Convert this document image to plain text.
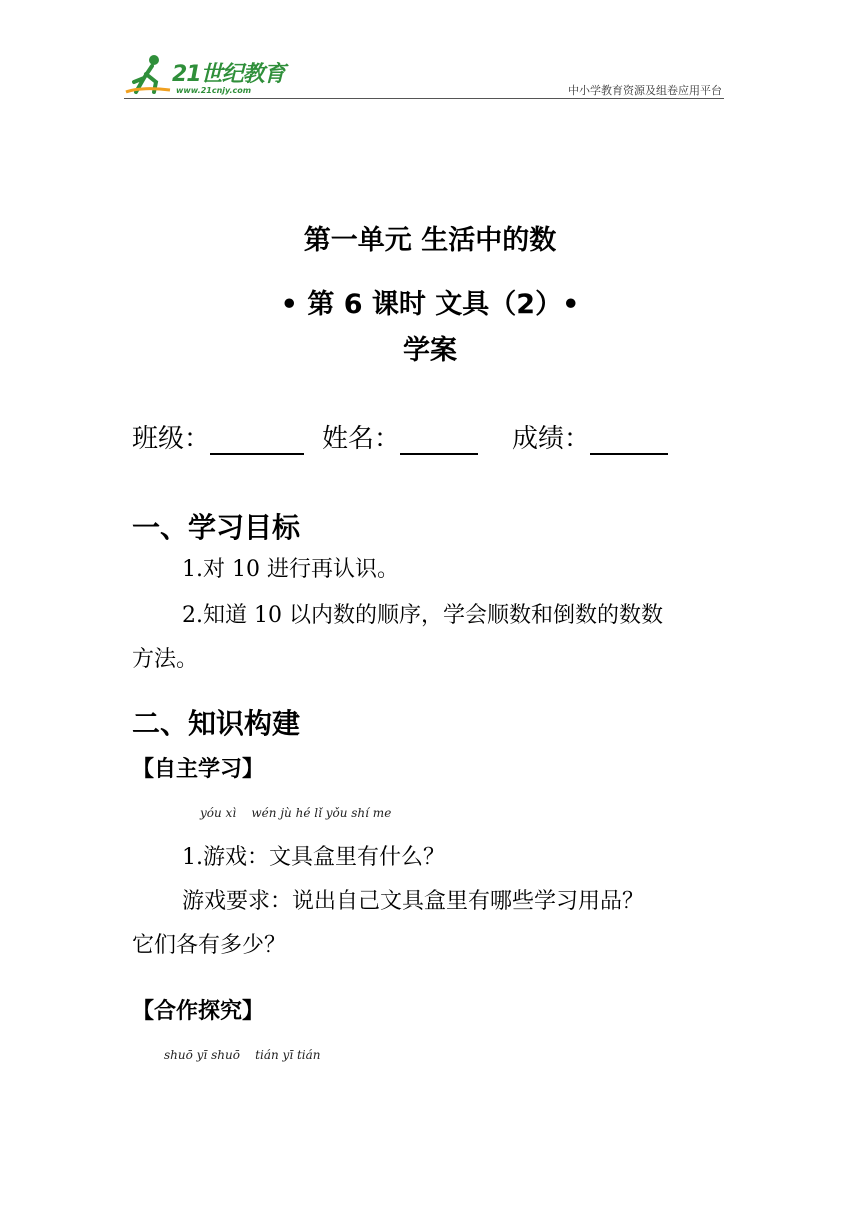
21世纪教育
www.21cnjy.com	中小学教育资源及组卷应用平台
第一单元 生活中的数
• 第 6 课时 文具（2）•
学案
班级：	姓名：	成绩：
一、学习目标
1.对 10 进行再认识。
2.知道 10 以内数的顺序，学会顺数和倒数的数数
方法。
二、知识构建
【自主学习】
yóu xì    wén jù hé lǐ yǒu shí me
1.游戏：文具盒里有什么？
游戏要求：说出自己文具盒里有哪些学习用品？
它们各有多少？
【合作探究】
shuō yī shuō    tián yī tián
